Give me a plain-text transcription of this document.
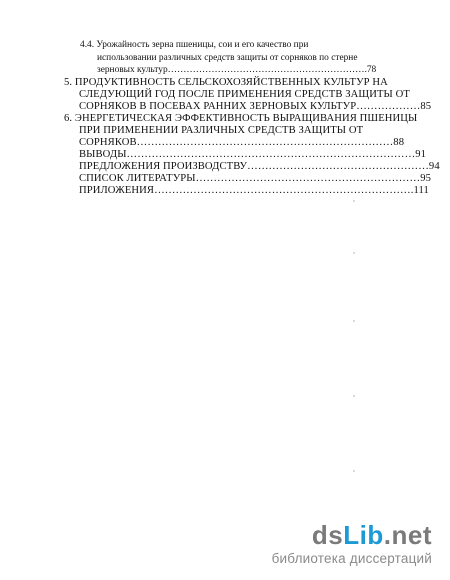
4.4. Урожайность зерна пшеницы, сои и его качество при
использовании различных средств защиты от сорняков по стерне
зерновых культур……………………………………………………….78
5. ПРОДУКТИВНОСТЬ СЕЛЬСКОХОЗЯЙСТВЕННЫХ КУЛЬТУР НА
СЛЕДУЮЩИЙ ГОД ПОСЛЕ ПРИМЕНЕНИЯ СРЕДСТВ ЗАЩИТЫ ОТ
СОРНЯКОВ В ПОСЕВАХ РАННИХ ЗЕРНОВЫХ КУЛЬТУР………………85
6. ЭНЕРГЕТИЧЕСКАЯ ЭФФЕКТИВНОСТЬ ВЫРАЩИВАНИЯ ПШЕНИЦЫ
ПРИ ПРИМЕНЕНИИ РАЗЛИЧНЫХ СРЕДСТВ ЗАЩИТЫ ОТ
СОРНЯКОВ………………………………………………………………88
ВЫВОДЫ………………………………………………………………………91
ПРЕДЛОЖЕНИЯ ПРОИЗВОДСТВУ……………………………………………94
СПИСОК ЛИТЕРАТУРЫ………………………………………………………95
ПРИЛОЖЕНИЯ……………………………………………………………….111
dsLib.net
библиотека диссертаций
